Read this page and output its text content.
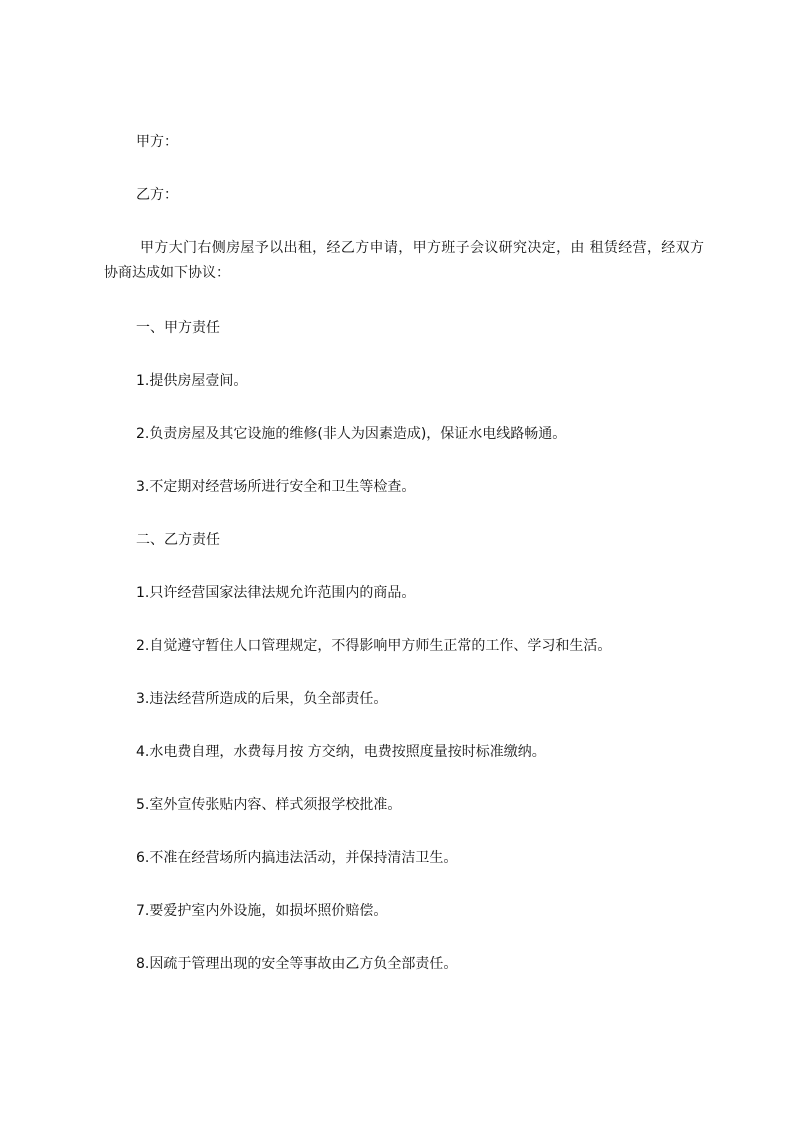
甲方：
乙方：
甲方大门右侧房屋予以出租，经乙方申请，甲方班子会议研究决定，由 租赁经营，经双方协商达成如下协议：
一、甲方责任
1.提供房屋壹间。
2.负责房屋及其它设施的维修(非人为因素造成)，保证水电线路畅通。
3.不定期对经营场所进行安全和卫生等检查。
二、乙方责任
1.只许经营国家法律法规允许范围内的商品。
2.自觉遵守暂住人口管理规定，不得影响甲方师生正常的工作、学习和生活。
3.违法经营所造成的后果，负全部责任。
4.水电费自理，水费每月按 方交纳，电费按照度量按时标准缴纳。
5.室外宣传张贴内容、样式须报学校批准。
6.不准在经营场所内搞违法活动，并保持清洁卫生。
7.要爱护室内外设施，如损坏照价赔偿。
8.因疏于管理出现的安全等事故由乙方负全部责任。
